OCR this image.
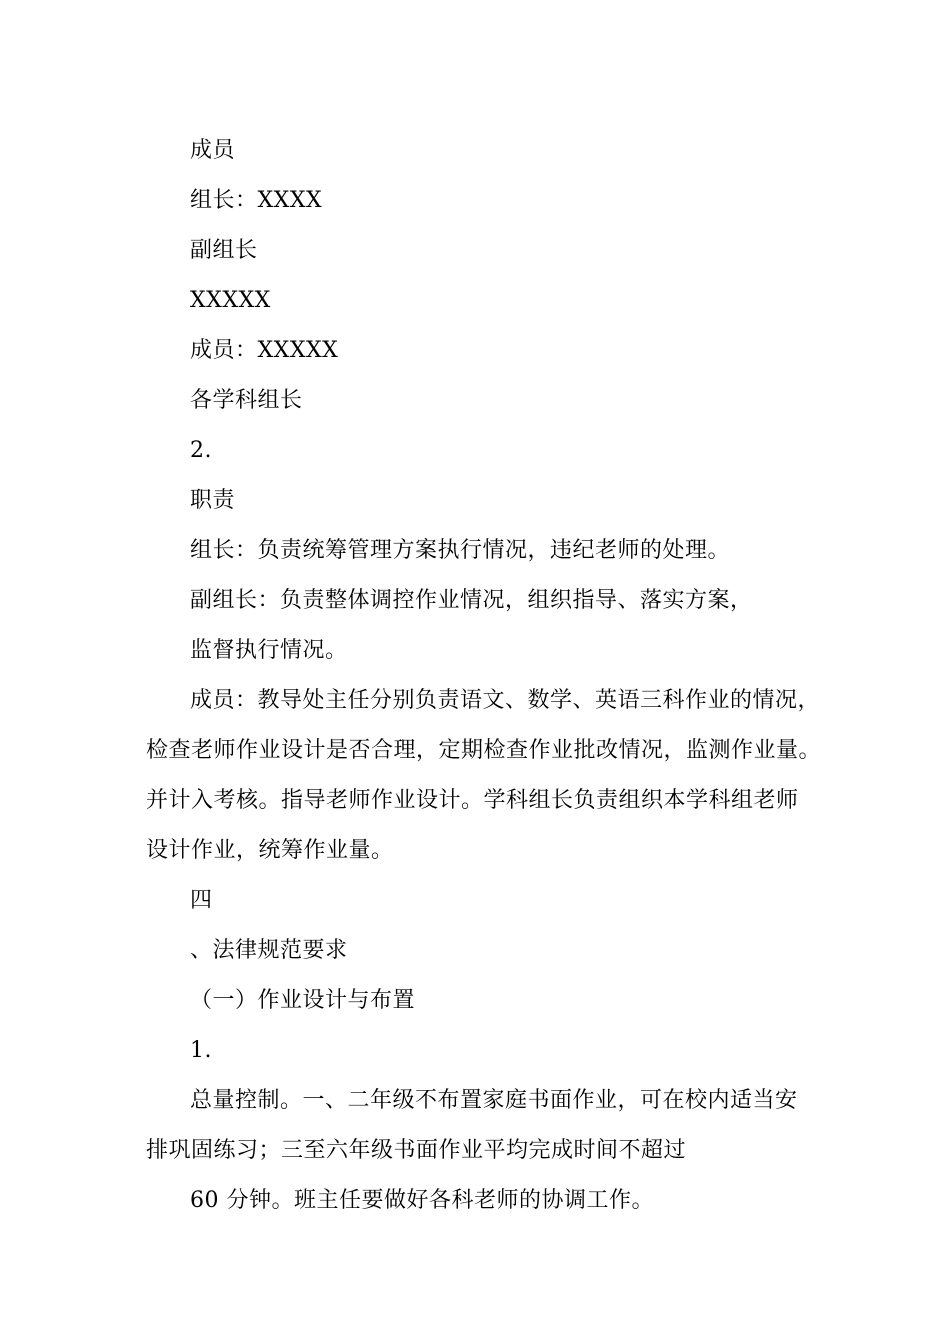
成员
组长：XXXX
副组长
XXXXX
成员：XXXXX
各学科组长
2.
职责
组长：负责统筹管理方案执行情况，违纪老师的处理。
副组长：负责整体调控作业情况，组织指导、落实方案，
监督执行情况。
成员：教导处主任分别负责语文、数学、英语三科作业的情况，
检查老师作业设计是否合理，定期检查作业批改情况，监测作业量。
并计入考核。指导老师作业设计。学科组长负责组织本学科组老师
设计作业，统筹作业量。
四
、法律规范要求
（一）作业设计与布置
1.
总量控制。一、二年级不布置家庭书面作业，可在校内适当安
排巩固练习；三至六年级书面作业平均完成时间不超过
60 分钟。班主任要做好各科老师的协调工作。
